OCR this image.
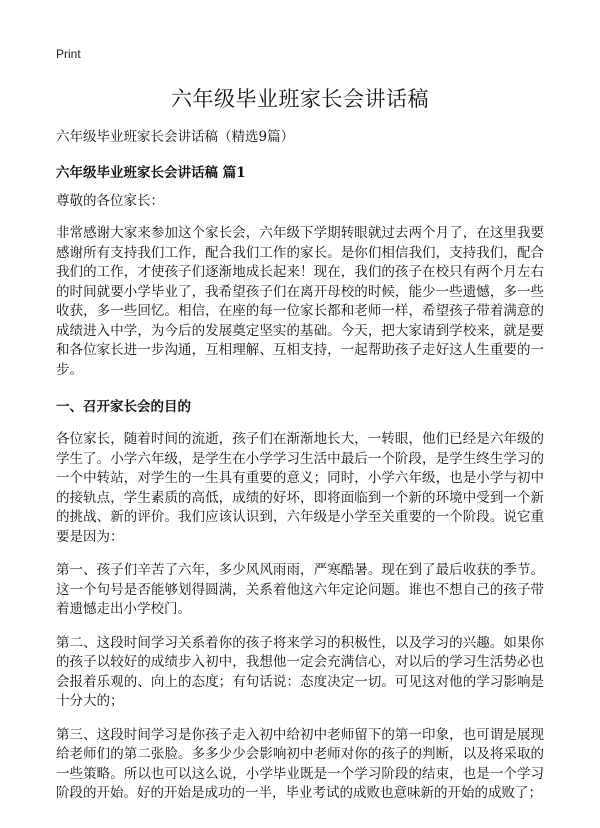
Print
六年级毕业班家长会讲话稿
六年级毕业班家长会讲话稿（精选9篇）
六年级毕业班家长会讲话稿 篇1
尊敬的各位家长：

非常感谢大家来参加这个家长会，六年级下学期转眼就过去两个月了，在这里我要感谢所有支持我们工作，配合我们工作的家长。是你们相信我们，支持我们，配合我们的工作，才使孩子们逐渐地成长起来！现在，我们的孩子在校只有两个月左右的时间就要小学毕业了，我希望孩子们在离开母校的时候，能少一些遗憾，多一些收获，多一些回忆。相信，在座的每一位家长都和老师一样，希望孩子带着满意的成绩进入中学，为今后的发展奠定坚实的基础。今天，把大家请到学校来，就是要和各位家长进一步沟通，互相理解、互相支持，一起帮助孩子走好这人生重要的一步。

一、召开家长会的目的

各位家长，随着时间的流逝，孩子们在渐渐地长大，一转眼，他们已经是六年级的学生了。小学六年级，是学生在小学学习生活中最后一个阶段，是学生终生学习的一个中转站，对学生的一生具有重要的意义；同时，小学六年级，也是小学与初中的接轨点，学生素质的高低，成绩的好坏，即将面临到一个新的环境中受到一个新的挑战、新的评价。我们应该认识到，六年级是小学至关重要的一个阶段。说它重要是因为：

第一、孩子们辛苦了六年，多少风风雨雨，严寒酷暑。现在到了最后收获的季节。这一个句号是否能够划得圆满，关系着他这六年定论问题。谁也不想自己的孩子带着遗憾走出小学校门。

第二、这段时间学习关系着你的孩子将来学习的积极性，以及学习的兴趣。如果你的孩子以较好的成绩步入初中，我想他一定会充满信心，对以后的学习生活势必也会报着乐观的、向上的态度；有句话说：态度决定一切。可见这对他的学习影响是十分大的；

第三、这段时间学习是你孩子走入初中给初中老师留下的第一印象，也可谓是展现给老师们的第二张脸。多多少少会影响初中老师对你的孩子的判断，以及将采取的一些策略。所以也可以这么说，小学毕业既是一个学习阶段的结束，也是一个学习阶段的开始。好的开始是成功的一半，毕业考试的成败也意味新的开始的成败了；
